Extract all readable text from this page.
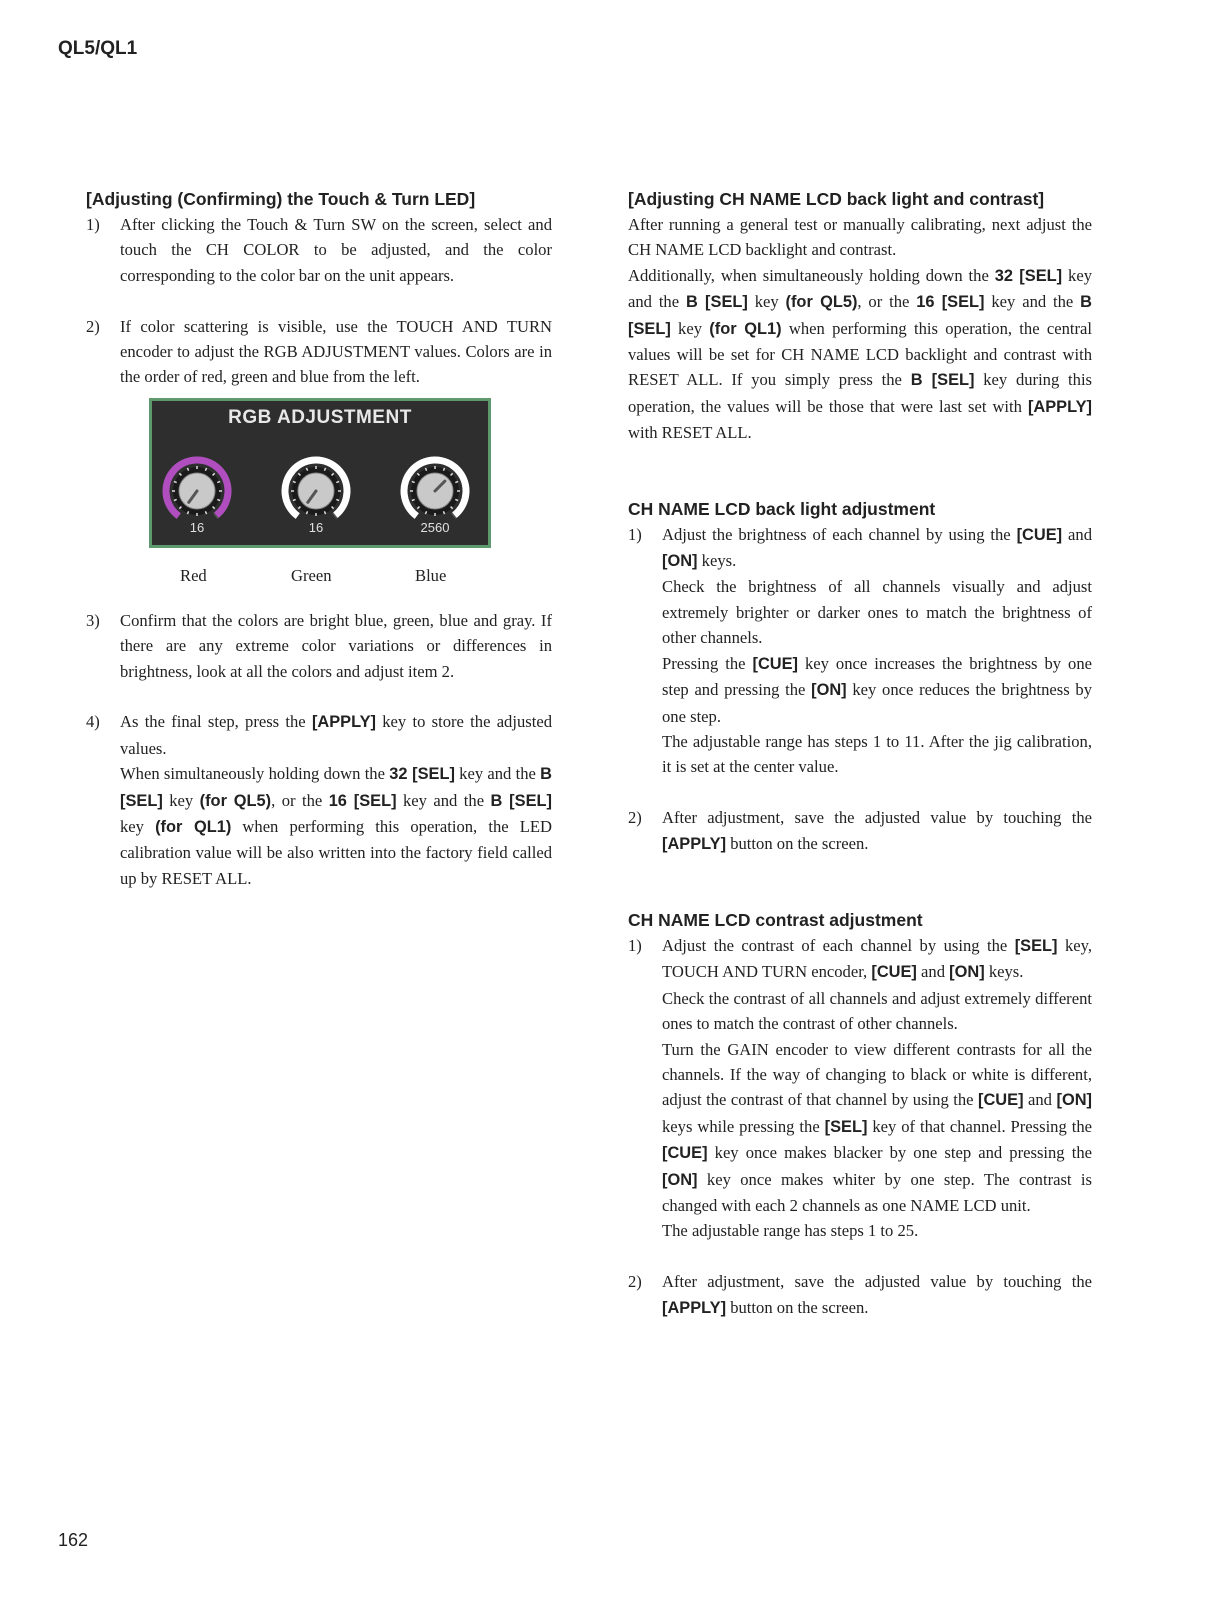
QL5/QL1
[Adjusting (Confirming) the Touch & Turn LED]
1) After clicking the Touch & Turn SW on the screen, select and touch the CH COLOR to be adjusted, and the color corresponding to the color bar on the unit appears.

2) If color scattering is visible, use the TOUCH AND TURN encoder to adjust the RGB ADJUSTMENT values. Colors are in the order of red, green and blue from the left.

RGB ADJUSTMENT
16	16	2560
Red	Green	Blue
3) Confirm that the colors are bright blue, green, blue and gray. If there are any extreme color variations or differences in brightness, look at all the colors and adjust item 2.

4) As the final step, press the [APPLY] key to store the adjusted values.

When simultaneously holding down the 32 [SEL] key and the B [SEL] key (for QL5), or the 16 [SEL] key and the B [SEL] key (for QL1) when performing this operation, the LED calibration value will be also written into the factory field called up by RESET ALL.

[Adjusting CH NAME LCD back light and contrast]

After running a general test or manually calibrating, next adjust the CH NAME LCD backlight and contrast.

Additionally, when simultaneously holding down the 32 [SEL] key and the B [SEL] key (for QL5), or the 16 [SEL] key and the B [SEL] key (for QL1) when performing this operation, the central values will be set for CH NAME LCD backlight and contrast with RESET ALL. If you simply press the B [SEL] key during this operation, the values will be those that were last set with [APPLY] with RESET ALL.

CH NAME LCD back light adjustment
1) Adjust the brightness of each channel by using the [CUE] and [ON] keys.

Check the brightness of all channels visually and adjust extremely brighter or darker ones to match the brightness of other channels.

Pressing the [CUE] key once increases the brightness by one step and pressing the [ON] key once reduces the brightness by one step.

The adjustable range has steps 1 to 11. After the jig calibration, it is set at the center value.

2) After adjustment, save the adjusted value by touching the [APPLY] button on the screen.

CH NAME LCD contrast adjustment
1) Adjust the contrast of each channel by using the [SEL] key, TOUCH AND TURN encoder, [CUE] and [ON] keys.

Check the contrast of all channels and adjust extremely different ones to match the contrast of other channels.

Turn the GAIN encoder to view different contrasts for all the channels. If the way of changing to black or white is different, adjust the contrast of that channel by using the [CUE] and [ON] keys while pressing the [SEL] key of that channel. Pressing the [CUE] key once makes blacker by one step and pressing the [ON] key once makes whiter by one step. The contrast is changed with each 2 channels as one NAME LCD unit.

The adjustable range has steps 1 to 25.

2) After adjustment, save the adjusted value by touching the [APPLY] button on the screen.

162
